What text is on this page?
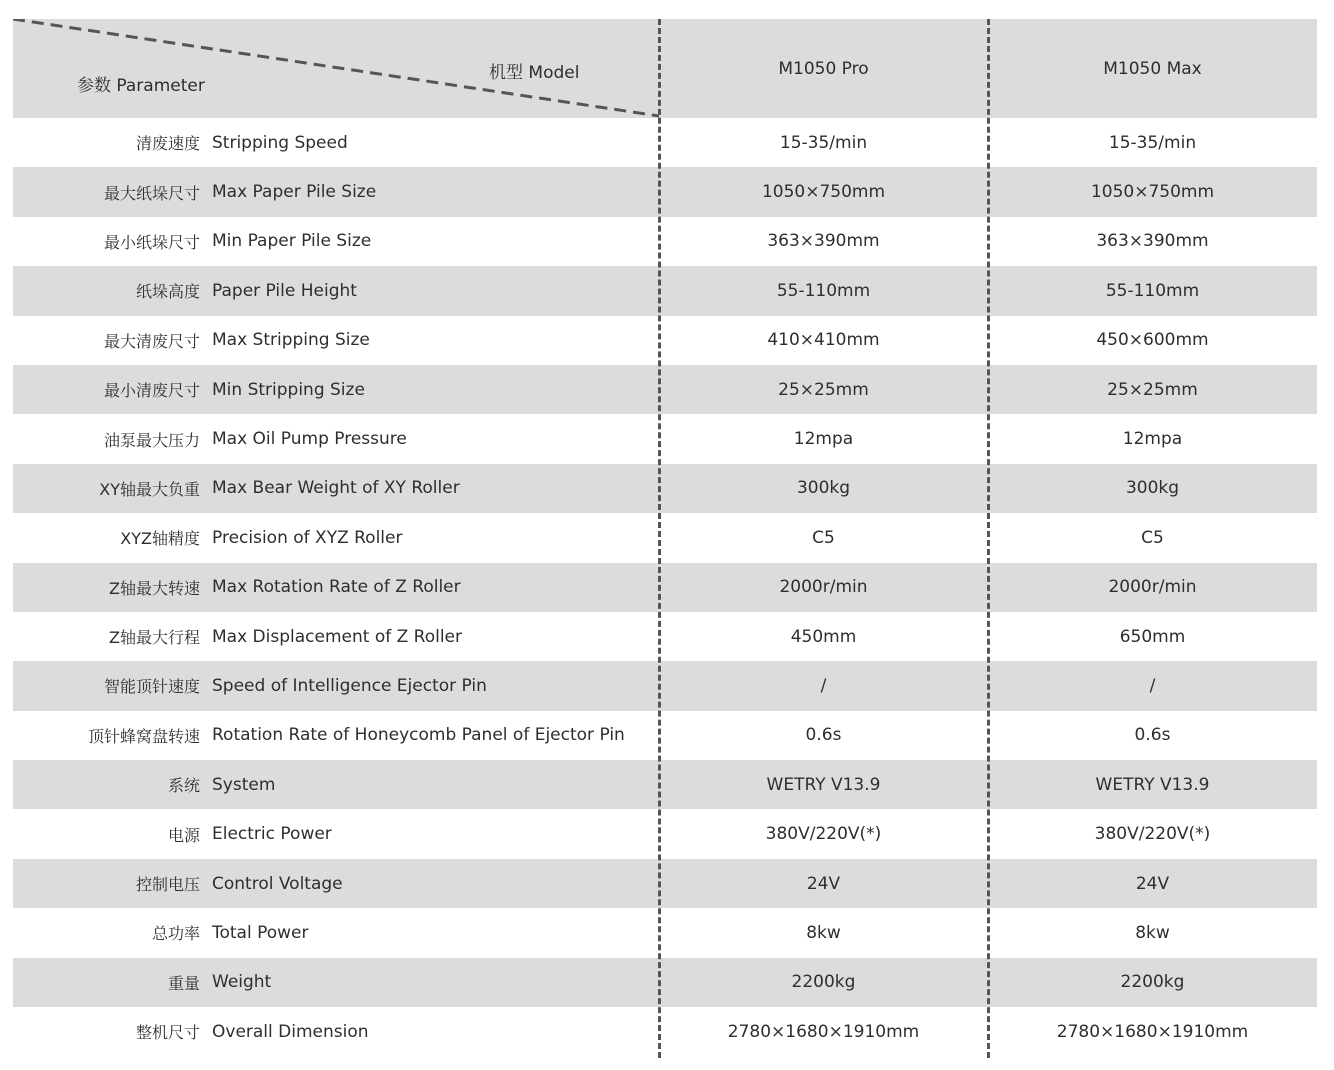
参数 Parameter
机型 Model	M1050 Pro	M1050 Max
清废速度 Stripping Speed	15-35/min	15-35/min
最大纸垛尺寸 Max Paper Pile Size	1050×750mm	1050×750mm
最小纸垛尺寸 Min Paper Pile Size	363×390mm	363×390mm
纸垛高度 Paper Pile Height	55-110mm	55-110mm
最大清废尺寸 Max Stripping Size	410×410mm	450×600mm
最小清废尺寸 Min Stripping Size	25×25mm	25×25mm
油泵最大压力 Max Oil Pump Pressure	12mpa	12mpa
XY轴最大负重 Max Bear Weight of XY Roller	300kg	300kg
XYZ轴精度 Precision of XYZ Roller	C5	C5
Z轴最大转速 Max Rotation Rate of Z Roller	2000r/min	2000r/min
Z轴最大行程 Max Displacement of Z Roller	450mm	650mm
智能顶针速度 Speed of Intelligence Ejector Pin	/	/
顶针蜂窝盘转速 Rotation Rate of Honeycomb Panel of Ejector Pin	0.6s	0.6s
系统 System	WETRY V13.9	WETRY V13.9
电源 Electric Power	380V/220V(*)	380V/220V(*)
控制电压 Control Voltage	24V	24V
总功率 Total Power	8kw	8kw
重量 Weight	2200kg	2200kg
整机尺寸 Overall Dimension	2780×1680×1910mm	2780×1680×1910mm
